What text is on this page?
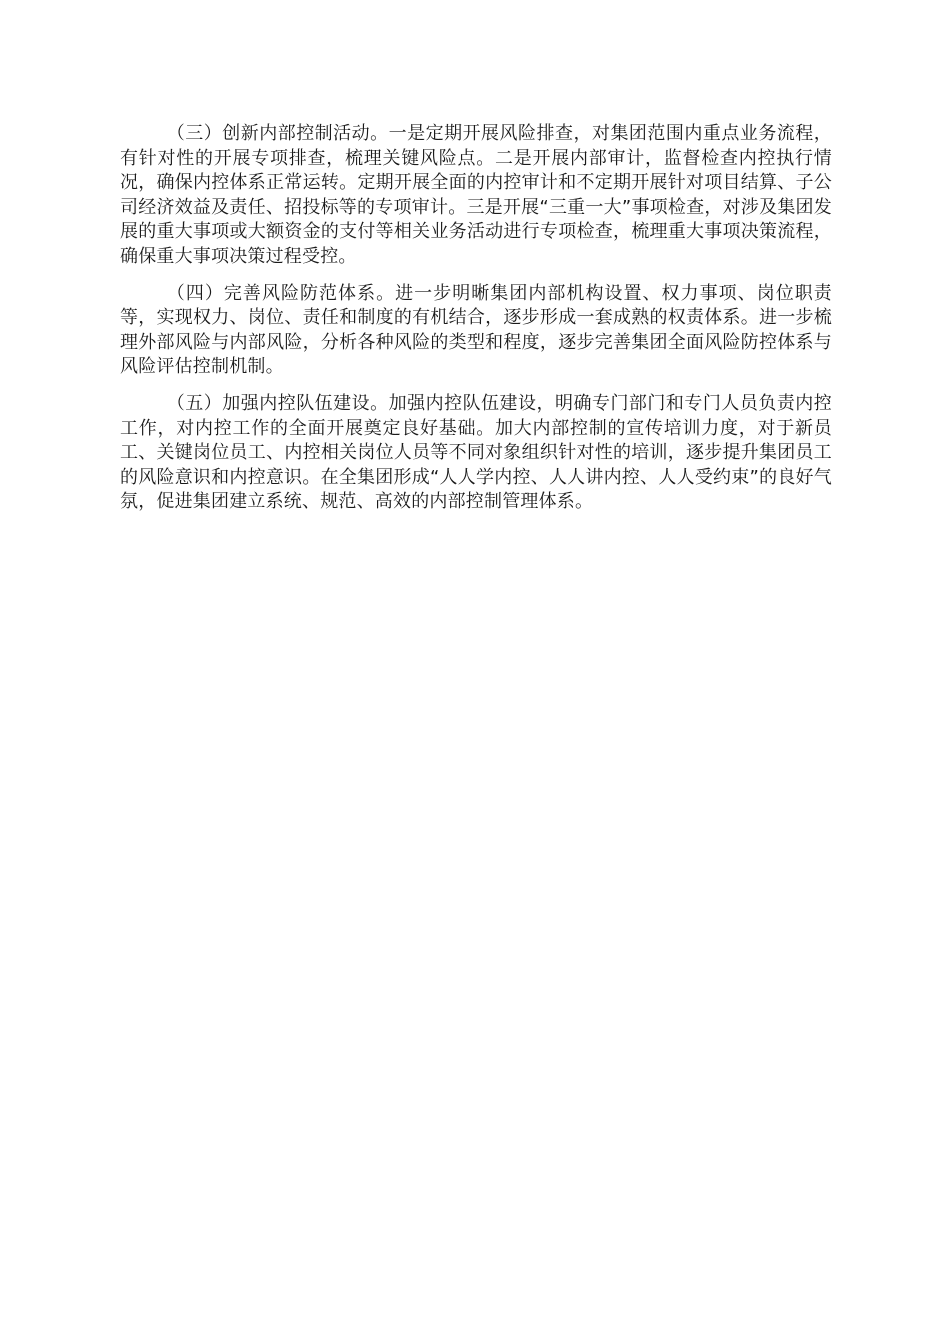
（三）创新内部控制活动。一是定期开展风险排查，对集团范围内重点业务流程，有针对性的开展专项排查，梳理关键风险点。二是开展内部审计，监督检查内控执行情况，确保内控体系正常运转。定期开展全面的内控审计和不定期开展针对项目结算、子公司经济效益及责任、招投标等的专项审计。三是开展“三重一大”事项检查，对涉及集团发展的重大事项或大额资金的支付等相关业务活动进行专项检查，梳理重大事项决策流程，确保重大事项决策过程受控。

（四）完善风险防范体系。进一步明晰集团内部机构设置、权力事项、岗位职责等，实现权力、岗位、责任和制度的有机结合，逐步形成一套成熟的权责体系。进一步梳理外部风险与内部风险，分析各种风险的类型和程度，逐步完善集团全面风险防控体系与风险评估控制机制。

（五）加强内控队伍建设。加强内控队伍建设，明确专门部门和专门人员负责内控工作，对内控工作的全面开展奠定良好基础。加大内部控制的宣传培训力度，对于新员工、关键岗位员工、内控相关岗位人员等不同对象组织针对性的培训，逐步提升集团员工的风险意识和内控意识。在全集团形成“人人学内控、人人讲内控、人人受约束”的良好气氛，促进集团建立系统、规范、高效的内部控制管理体系。
